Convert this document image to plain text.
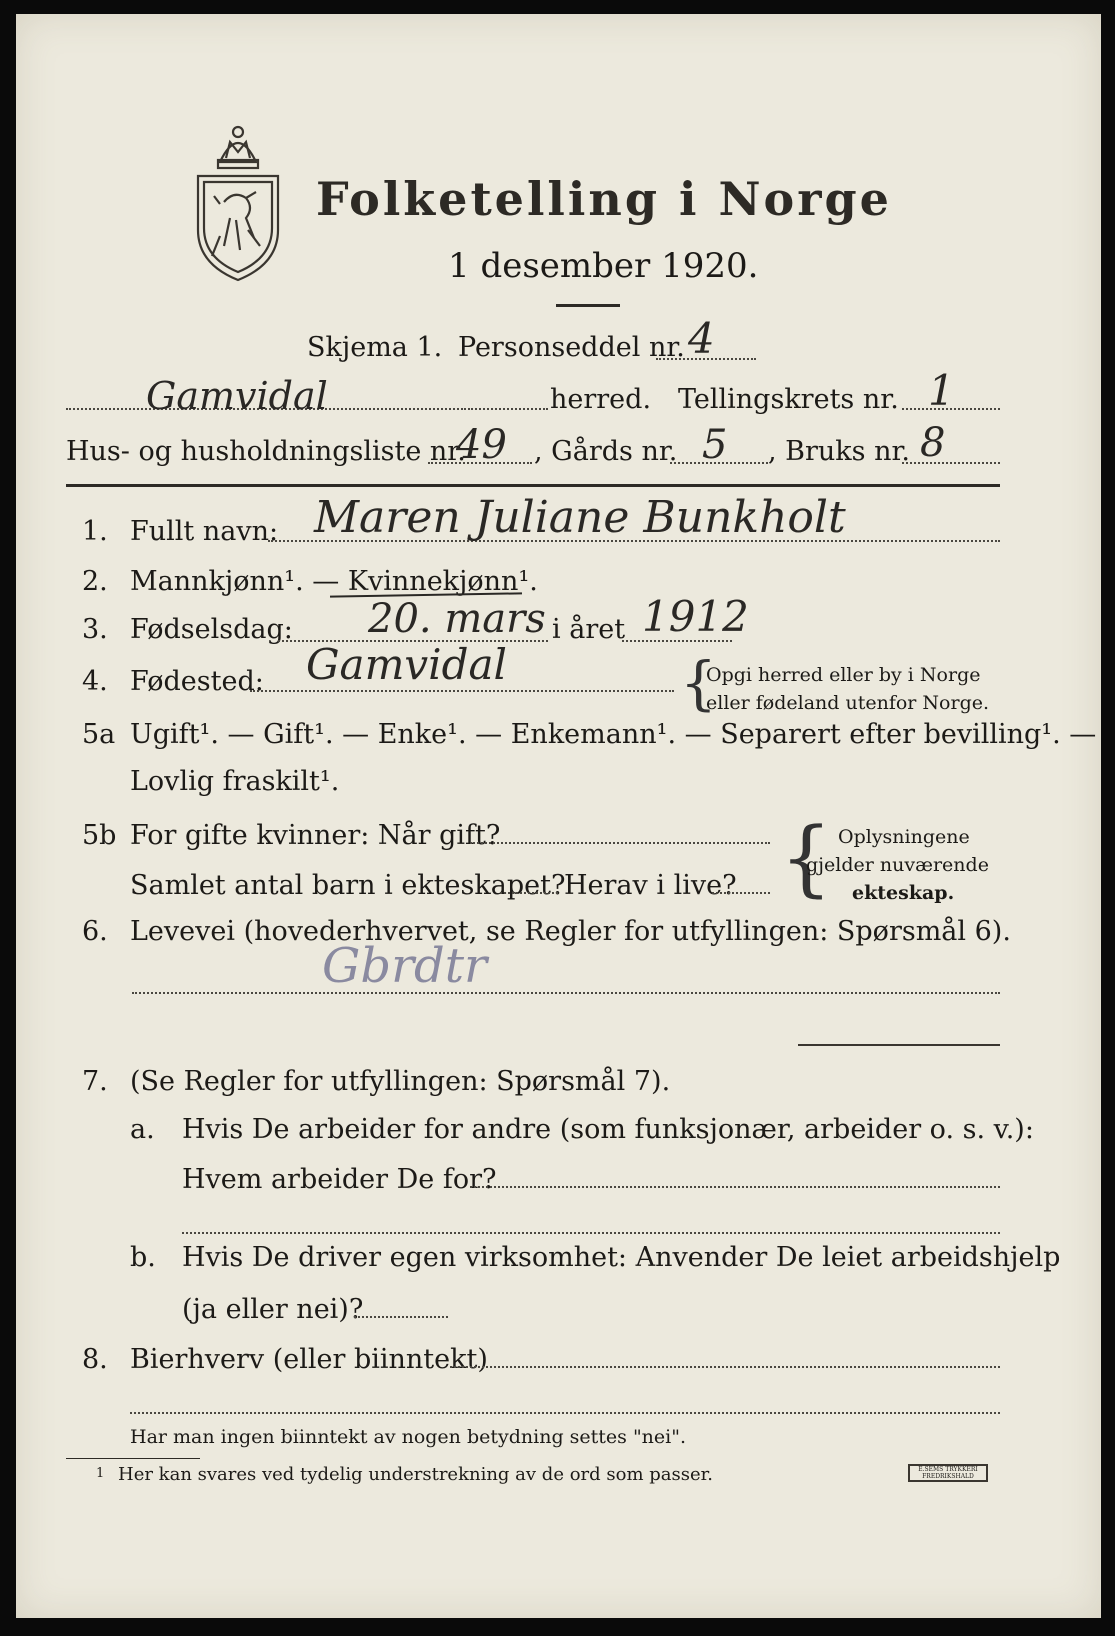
Folketelling i Norge
1 desember 1920.
Skjema 1. Personseddel nr. 4
Gamvidal	herred. Tellingskrets nr. 1
Hus- og husholdningsliste nr.
49 , Gårds nr. 5 , Bruks nr. 8
1. Fullt navn: Maren Juliane Bunkholt
2. Mannkjønn¹. — Kvinnekjønn¹.
3. Fødselsdag: 20. mars i året 1912
4. Fødested: Gamvidal	{
Opgi herred eller by i Norge
eller fødeland utenfor Norge.
5a Ugift¹. — Gift¹. — Enke¹. — Enkemann¹. — Separert efter bevilling¹. —
Lovlig fraskilt¹.
5b For gifte kvinner: Når gift?
Samlet antal barn i ekteskapet?
Herav i live? { Oplysningene
gjelder nuværende
ekteskap.
6. Levevei (hovederhvervet, se Regler for utfyllingen: Spørsmål 6).
Gbrdtr
7. (Se Regler for utfyllingen: Spørsmål 7).
a. Hvis De arbeider for andre (som funksjonær, arbeider o. s. v.):
Hvem arbeider De for?
b. Hvis De driver egen virksomhet: Anvender De leiet arbeidshjelp
(ja eller nei)?
8. Bierhverv (eller biinntekt)
Har man ingen biinntekt av nogen betydning settes "nei".
1 Her kan svares ved tydelig understrekning av de ord som passer.	E.SEMS TRYKKERI FREDRIKSHALD
